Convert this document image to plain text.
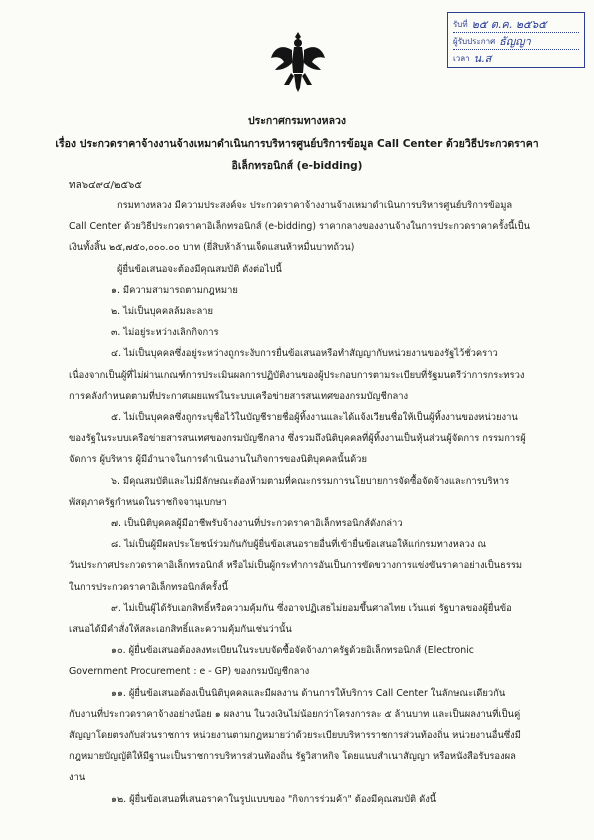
รับที่ ๒๕ ต.ค. ๒๕๖๕
ผู้รับประกาศ ธัญญา
เวลา น.ส

ประกาศกรมทางหลวง

เรื่อง ประกวดราคาจ้างงานจ้างเหมาดำเนินการบริหารศูนย์บริการข้อมูล Call Center ด้วยวิธีประกวดราคา

อิเล็กทรอนิกส์ (e-bidding)

ทล๖๔๙๔/๒๕๖๕

กรมทางหลวง มีความประสงค์จะ ประกวดราคาจ้างงานจ้างเหมาดำเนินการบริหารศูนย์บริการข้อมูล

Call Center ด้วยวิธีประกวดราคาอิเล็กทรอนิกส์ (e-bidding) ราคากลางของงานจ้างในการประกวดราคาครั้งนี้เป็น

เงินทั้งสิ้น ๒๕,๗๕๐,๐๐๐.๐๐ บาท (ยี่สิบห้าล้านเจ็ดแสนห้าหมื่นบาทถ้วน)

ผู้ยื่นข้อเสนอจะต้องมีคุณสมบัติ ดังต่อไปนี้

๑. มีความสามารถตามกฎหมาย

๒. ไม่เป็นบุคคลล้มละลาย

๓. ไม่อยู่ระหว่างเลิกกิจการ

๔. ไม่เป็นบุคคลซึ่งอยู่ระหว่างถูกระงับการยื่นข้อเสนอหรือทำสัญญากับหน่วยงานของรัฐไว้ชั่วคราว

เนื่องจากเป็นผู้ที่ไม่ผ่านเกณฑ์การประเมินผลการปฏิบัติงานของผู้ประกอบการตามระเบียบที่รัฐมนตรีว่าการกระทรวง

การคลังกำหนดตามที่ประกาศเผยแพร่ในระบบเครือข่ายสารสนเทศของกรมบัญชีกลาง

๕. ไม่เป็นบุคคลซึ่งถูกระบุชื่อไว้ในบัญชีรายชื่อผู้ทิ้งงานและได้แจ้งเวียนชื่อให้เป็นผู้ทิ้งงานของหน่วยงาน

ของรัฐในระบบเครือข่ายสารสนเทศของกรมบัญชีกลาง ซึ่งรวมถึงนิติบุคคลที่ผู้ทิ้งงานเป็นหุ้นส่วนผู้จัดการ กรรมการผู้

จัดการ ผู้บริหาร ผู้มีอำนาจในการดำเนินงานในกิจการของนิติบุคคลนั้นด้วย

๖. มีคุณสมบัติและไม่มีลักษณะต้องห้ามตามที่คณะกรรมการนโยบายการจัดซื้อจัดจ้างและการบริหาร

พัสดุภาครัฐกำหนดในราชกิจจานุเบกษา

๗. เป็นนิติบุคคลผู้มีอาชีพรับจ้างงานที่ประกวดราคาอิเล็กทรอนิกส์ดังกล่าว

๘. ไม่เป็นผู้มีผลประโยชน์ร่วมกันกับผู้ยื่นข้อเสนอรายอื่นที่เข้ายื่นข้อเสนอให้แก่กรมทางหลวง ณ

วันประกาศประกวดราคาอิเล็กทรอนิกส์ หรือไม่เป็นผู้กระทำการอันเป็นการขัดขวางการแข่งขันราคาอย่างเป็นธรรม

ในการประกวดราคาอิเล็กทรอนิกส์ครั้งนี้

๙. ไม่เป็นผู้ได้รับเอกสิทธิ์หรือความคุ้มกัน ซึ่งอาจปฏิเสธไม่ยอมขึ้นศาลไทย เว้นแต่ รัฐบาลของผู้ยื่นข้อ

เสนอได้มีคำสั่งให้สละเอกสิทธิ์และความคุ้มกันเช่นว่านั้น

๑๐. ผู้ยื่นข้อเสนอต้องลงทะเบียนในระบบจัดซื้อจัดจ้างภาครัฐด้วยอิเล็กทรอนิกส์ (Electronic

Government Procurement : e - GP) ของกรมบัญชีกลาง

๑๑. ผู้ยื่นข้อเสนอต้องเป็นนิติบุคคลและมีผลงาน ด้านการให้บริการ Call Center ในลักษณะเดียวกัน

กับงานที่ประกวดราคาจ้างอย่างน้อย ๑ ผลงาน ในวงเงินไม่น้อยกว่าโครงการละ ๕ ล้านบาท และเป็นผลงานที่เป็นคู่

สัญญาโดยตรงกับส่วนราชการ หน่วยงานตามกฎหมายว่าด้วยระเบียบบริหารราชการส่วนท้องถิ่น หน่วยงานอื่นซึ่งมี

กฎหมายบัญญัติให้มีฐานะเป็นราชการบริหารส่วนท้องถิ่น รัฐวิสาหกิจ โดยแนบสำเนาสัญญา หรือหนังสือรับรองผล

งาน

๑๒. ผู้ยื่นข้อเสนอที่เสนอราคาในรูปแบบของ "กิจการร่วมค้า" ต้องมีคุณสมบัติ ดังนี้
